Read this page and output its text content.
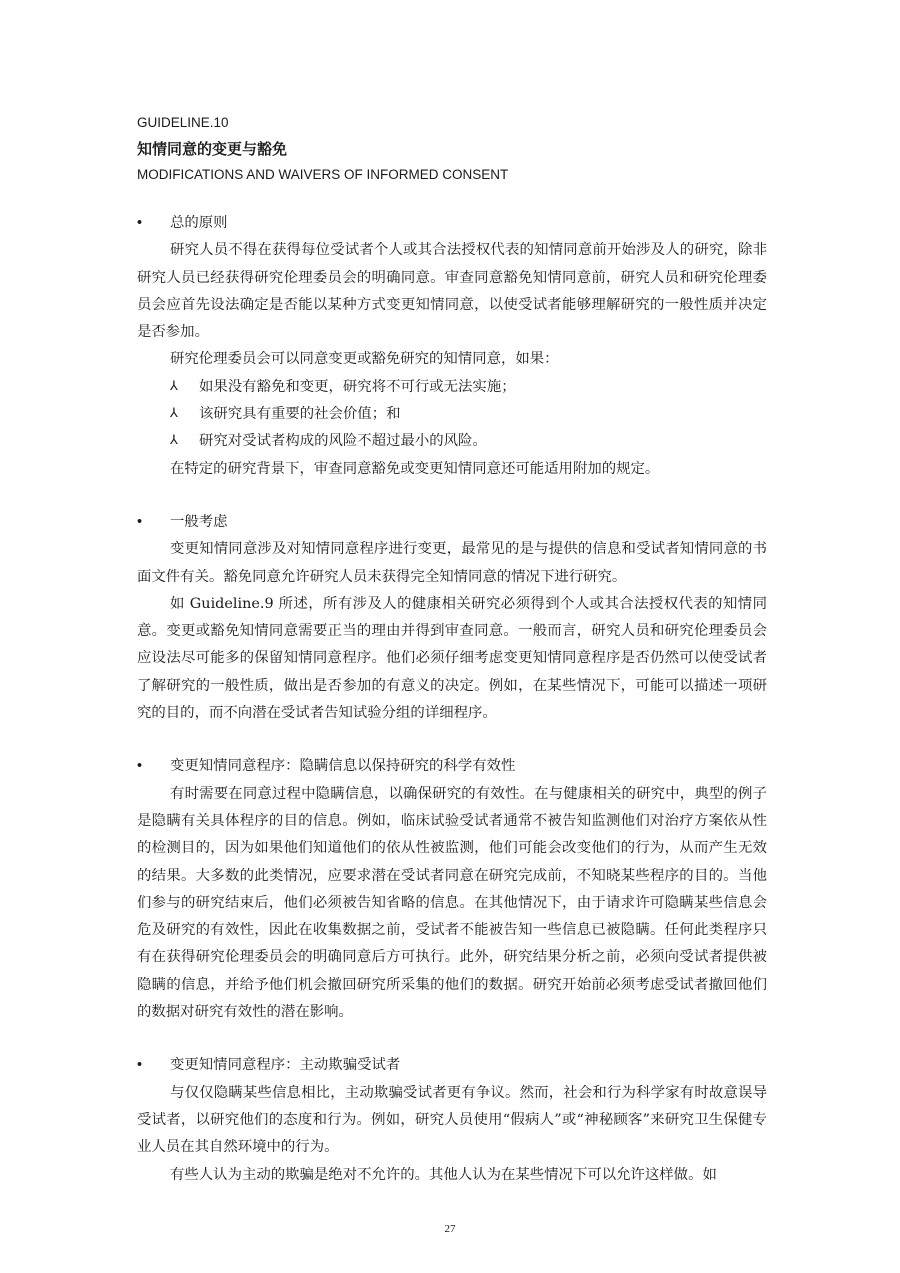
GUIDELINE.10
知情同意的变更与豁免
MODIFICATIONS AND WAIVERS OF INFORMED CONSENT
• 总的原则

研究人员不得在获得每位受试者个人或其合法授权代表的知情同意前开始涉及人的研究，除非研究人员已经获得研究伦理委员会的明确同意。审查同意豁免知情同意前，研究人员和研究伦理委员会应首先设法确定是否能以某种方式变更知情同意，以使受试者能够理解研究的一般性质并决定是否参加。

研究伦理委员会可以同意变更或豁免研究的知情同意，如果：

⅄ 如果没有豁免和变更，研究将不可行或无法实施；
⅄ 该研究具有重要的社会价值；和
⅄ 研究对受试者构成的风险不超过最小的风险。

在特定的研究背景下，审查同意豁免或变更知情同意还可能适用附加的规定。

• 一般考虑

变更知情同意涉及对知情同意程序进行变更，最常见的是与提供的信息和受试者知情同意的书面文件有关。豁免同意允许研究人员未获得完全知情同意的情况下进行研究。

如 Guideline.9 所述，所有涉及人的健康相关研究必须得到个人或其合法授权代表的知情同意。变更或豁免知情同意需要正当的理由并得到审查同意。一般而言，研究人员和研究伦理委员会应设法尽可能多的保留知情同意程序。他们必须仔细考虑变更知情同意程序是否仍然可以使受试者了解研究的一般性质，做出是否参加的有意义的决定。例如，在某些情况下，可能可以描述一项研究的目的，而不向潜在受试者告知试验分组的详细程序。

• 变更知情同意程序：隐瞒信息以保持研究的科学有效性

有时需要在同意过程中隐瞒信息，以确保研究的有效性。在与健康相关的研究中，典型的例子是隐瞒有关具体程序的目的信息。例如，临床试验受试者通常不被告知监测他们对治疗方案依从性的检测目的，因为如果他们知道他们的依从性被监测，他们可能会改变他们的行为，从而产生无效的结果。大多数的此类情况，应要求潜在受试者同意在研究完成前，不知晓某些程序的目的。当他们参与的研究结束后，他们必须被告知省略的信息。在其他情况下，由于请求许可隐瞒某些信息会危及研究的有效性，因此在收集数据之前，受试者不能被告知一些信息已被隐瞒。任何此类程序只有在获得研究伦理委员会的明确同意后方可执行。此外，研究结果分析之前，必须向受试者提供被隐瞒的信息，并给予他们机会撤回研究所采集的他们的数据。研究开始前必须考虑受试者撤回他们的数据对研究有效性的潜在影响。

• 变更知情同意程序：主动欺骗受试者

与仅仅隐瞒某些信息相比，主动欺骗受试者更有争议。然而，社会和行为科学家有时故意误导受试者，以研究他们的态度和行为。例如，研究人员使用“假病人”或“神秘顾客”来研究卫生保健专业人员在其自然环境中的行为。

有些人认为主动的欺骗是绝对不允许的。其他人认为在某些情况下可以允许这样做。如

27
